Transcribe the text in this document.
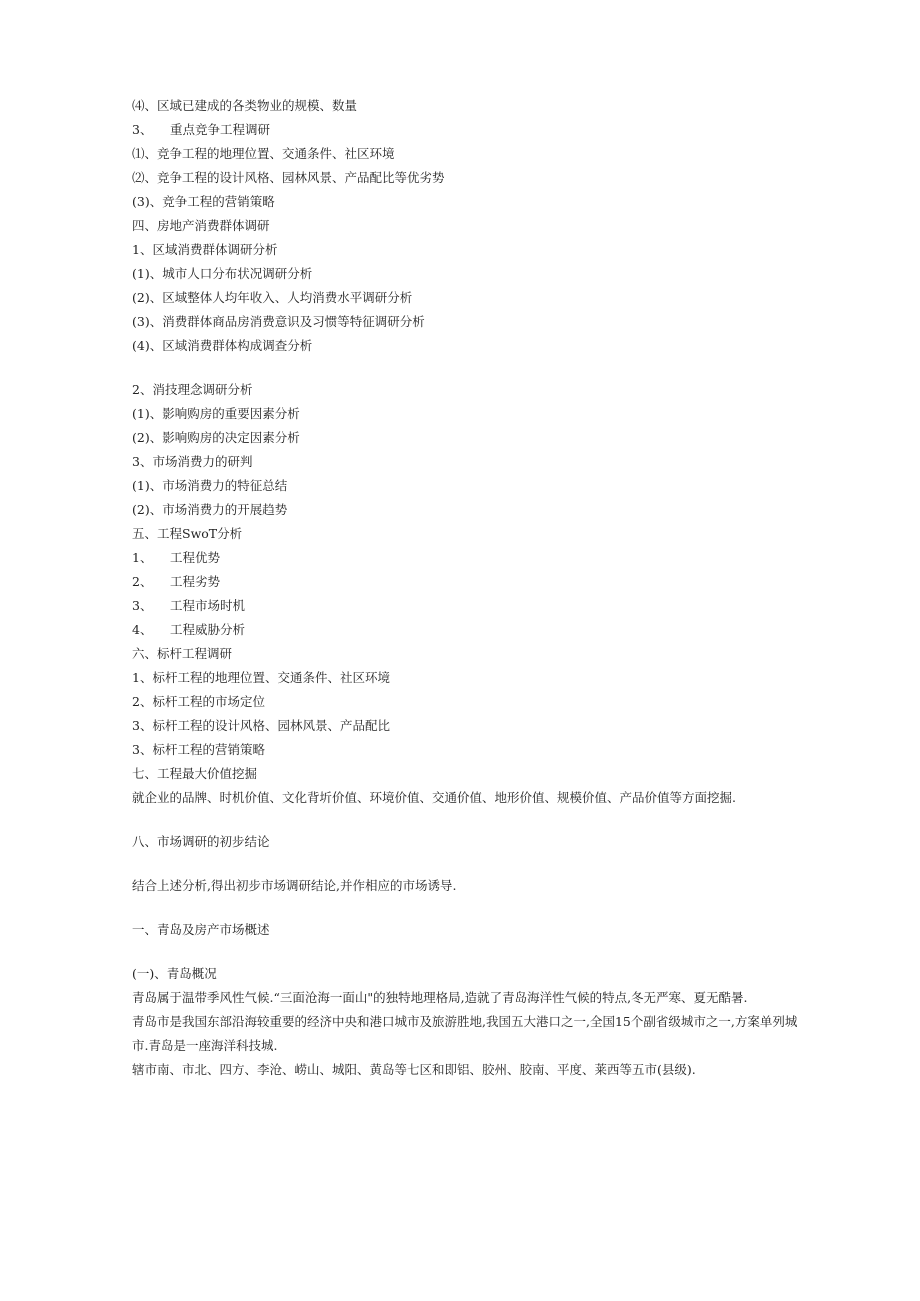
⑷、区域已建成的各类物业的规模、数量
3、 重点竞争工程调研
⑴、竞争工程的地理位置、交通条件、社区环境
⑵、竞争工程的设计风格、园林风景、产品配比等优劣势
(3)、竞争工程的营销策略
四、房地产消费群体调研
1、区域消费群体调研分析
(1)、城市人口分布状况调研分析
(2)、区域整体人均年收入、人均消费水平调研分析
(3)、消费群体商品房消费意识及习惯等特征调研分析
(4)、区域消费群体构成调查分析
2、消技理念调研分析
(1)、影响购房的重要因素分析
(2)、影响购房的决定因素分析
3、市场消费力的研判
(1)、市场消费力的特征总结
(2)、市场消费力的开展趋势
五、工程SwoT分析
1、 工程优势
2、 工程劣势
3、 工程市场时机
4、 工程威胁分析
六、标杆工程调研
1、标杆工程的地理位置、交通条件、社区环境
2、标杆工程的市场定位
3、标杆工程的设计风格、园林风景、产品配比
3、标杆工程的营销策略
七、工程最大价值挖掘
就企业的品牌、时机价值、文化背圻价值、环境价值、交通价值、地形价值、规模价值、产品价值等方面挖掘.
八、市场调研的初步结论
结合上述分析,得出初步市场调研结论,并作相应的市场诱导.
一、青岛及房产市场概述
(一)、青岛概况
青岛属于温带季风性气候.“三面沧海一面山"的独特地理格局,造就了青岛海洋性气候的特点,冬无严寒、夏无酷暑.
青岛市是我国东部沿海较重要的经济中央和港口城市及旅游胜地,我国五大港口之一,全国15个副省级城市之一,方案单列城市.青岛是一座海洋科技城.
辖市南、市北、四方、李沧、崂山、城阳、黄岛等七区和即铝、胶州、胶南、平度、莱西等五市(县级).
